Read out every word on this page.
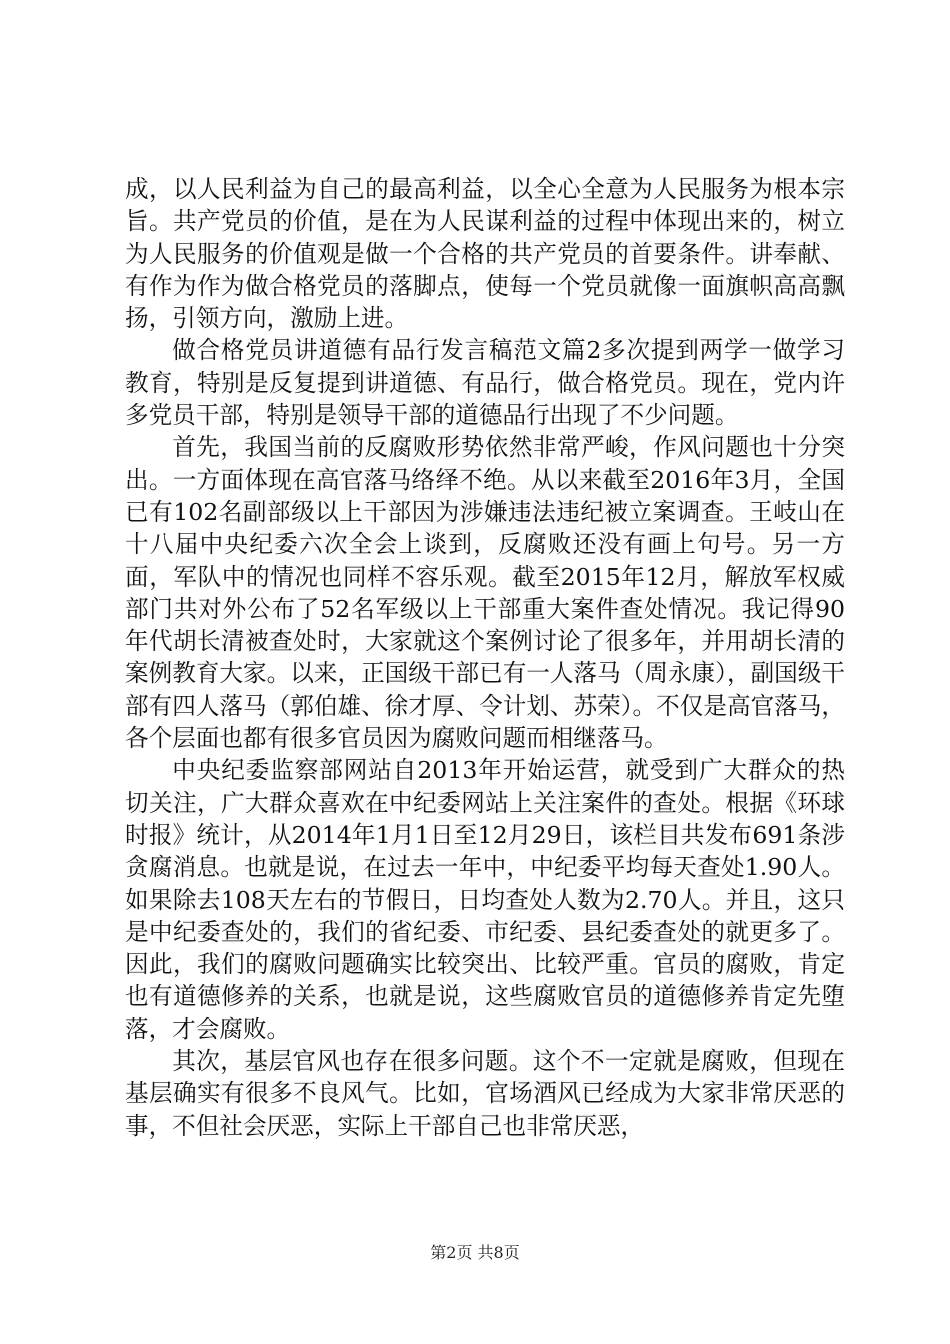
成，以人民利益为自己的最高利益，以全心全意为人民服务为根本宗旨。共产党员的价值，是在为人民谋利益的过程中体现出来的，树立为人民服务的价值观是做一个合格的共产党员的首要条件。讲奉献、有作为作为做合格党员的落脚点，使每一个党员就像一面旗帜高高飘扬，引领方向，激励上进。

做合格党员讲道德有品行发言稿范文篇2多次提到两学一做学习教育，特别是反复提到讲道德、有品行，做合格党员。现在，党内许多党员干部，特别是领导干部的道德品行出现了不少问题。

首先，我国当前的反腐败形势依然非常严峻，作风问题也十分突出。一方面体现在高官落马络绎不绝。从以来截至2016年3月，全国已有102名副部级以上干部因为涉嫌违法违纪被立案调查。王岐山在十八届中央纪委六次全会上谈到，反腐败还没有画上句号。另一方面，军队中的情况也同样不容乐观。截至2015年12月，解放军权威部门共对外公布了52名军级以上干部重大案件查处情况。我记得90年代胡长清被查处时，大家就这个案例讨论了很多年，并用胡长清的案例教育大家。以来，正国级干部已有一人落马（周永康），副国级干部有四人落马（郭伯雄、徐才厚、令计划、苏荣）。不仅是高官落马，各个层面也都有很多官员因为腐败问题而相继落马。

中央纪委监察部网站自2013年开始运营，就受到广大群众的热切关注，广大群众喜欢在中纪委网站上关注案件的查处。根据《环球时报》统计，从2014年1月1日至12月29日，该栏目共发布691条涉贪腐消息。也就是说，在过去一年中，中纪委平均每天查处1.90人。如果除去108天左右的节假日，日均查处人数为2.70人。并且，这只是中纪委查处的，我们的省纪委、市纪委、县纪委查处的就更多了。因此，我们的腐败问题确实比较突出、比较严重。官员的腐败，肯定也有道德修养的关系，也就是说，这些腐败官员的道德修养肯定先堕落，才会腐败。

其次，基层官风也存在很多问题。这个不一定就是腐败，但现在基层确实有很多不良风气。比如，官场酒风已经成为大家非常厌恶的事，不但社会厌恶，实际上干部自己也非常厌恶，

第2页 共8页
